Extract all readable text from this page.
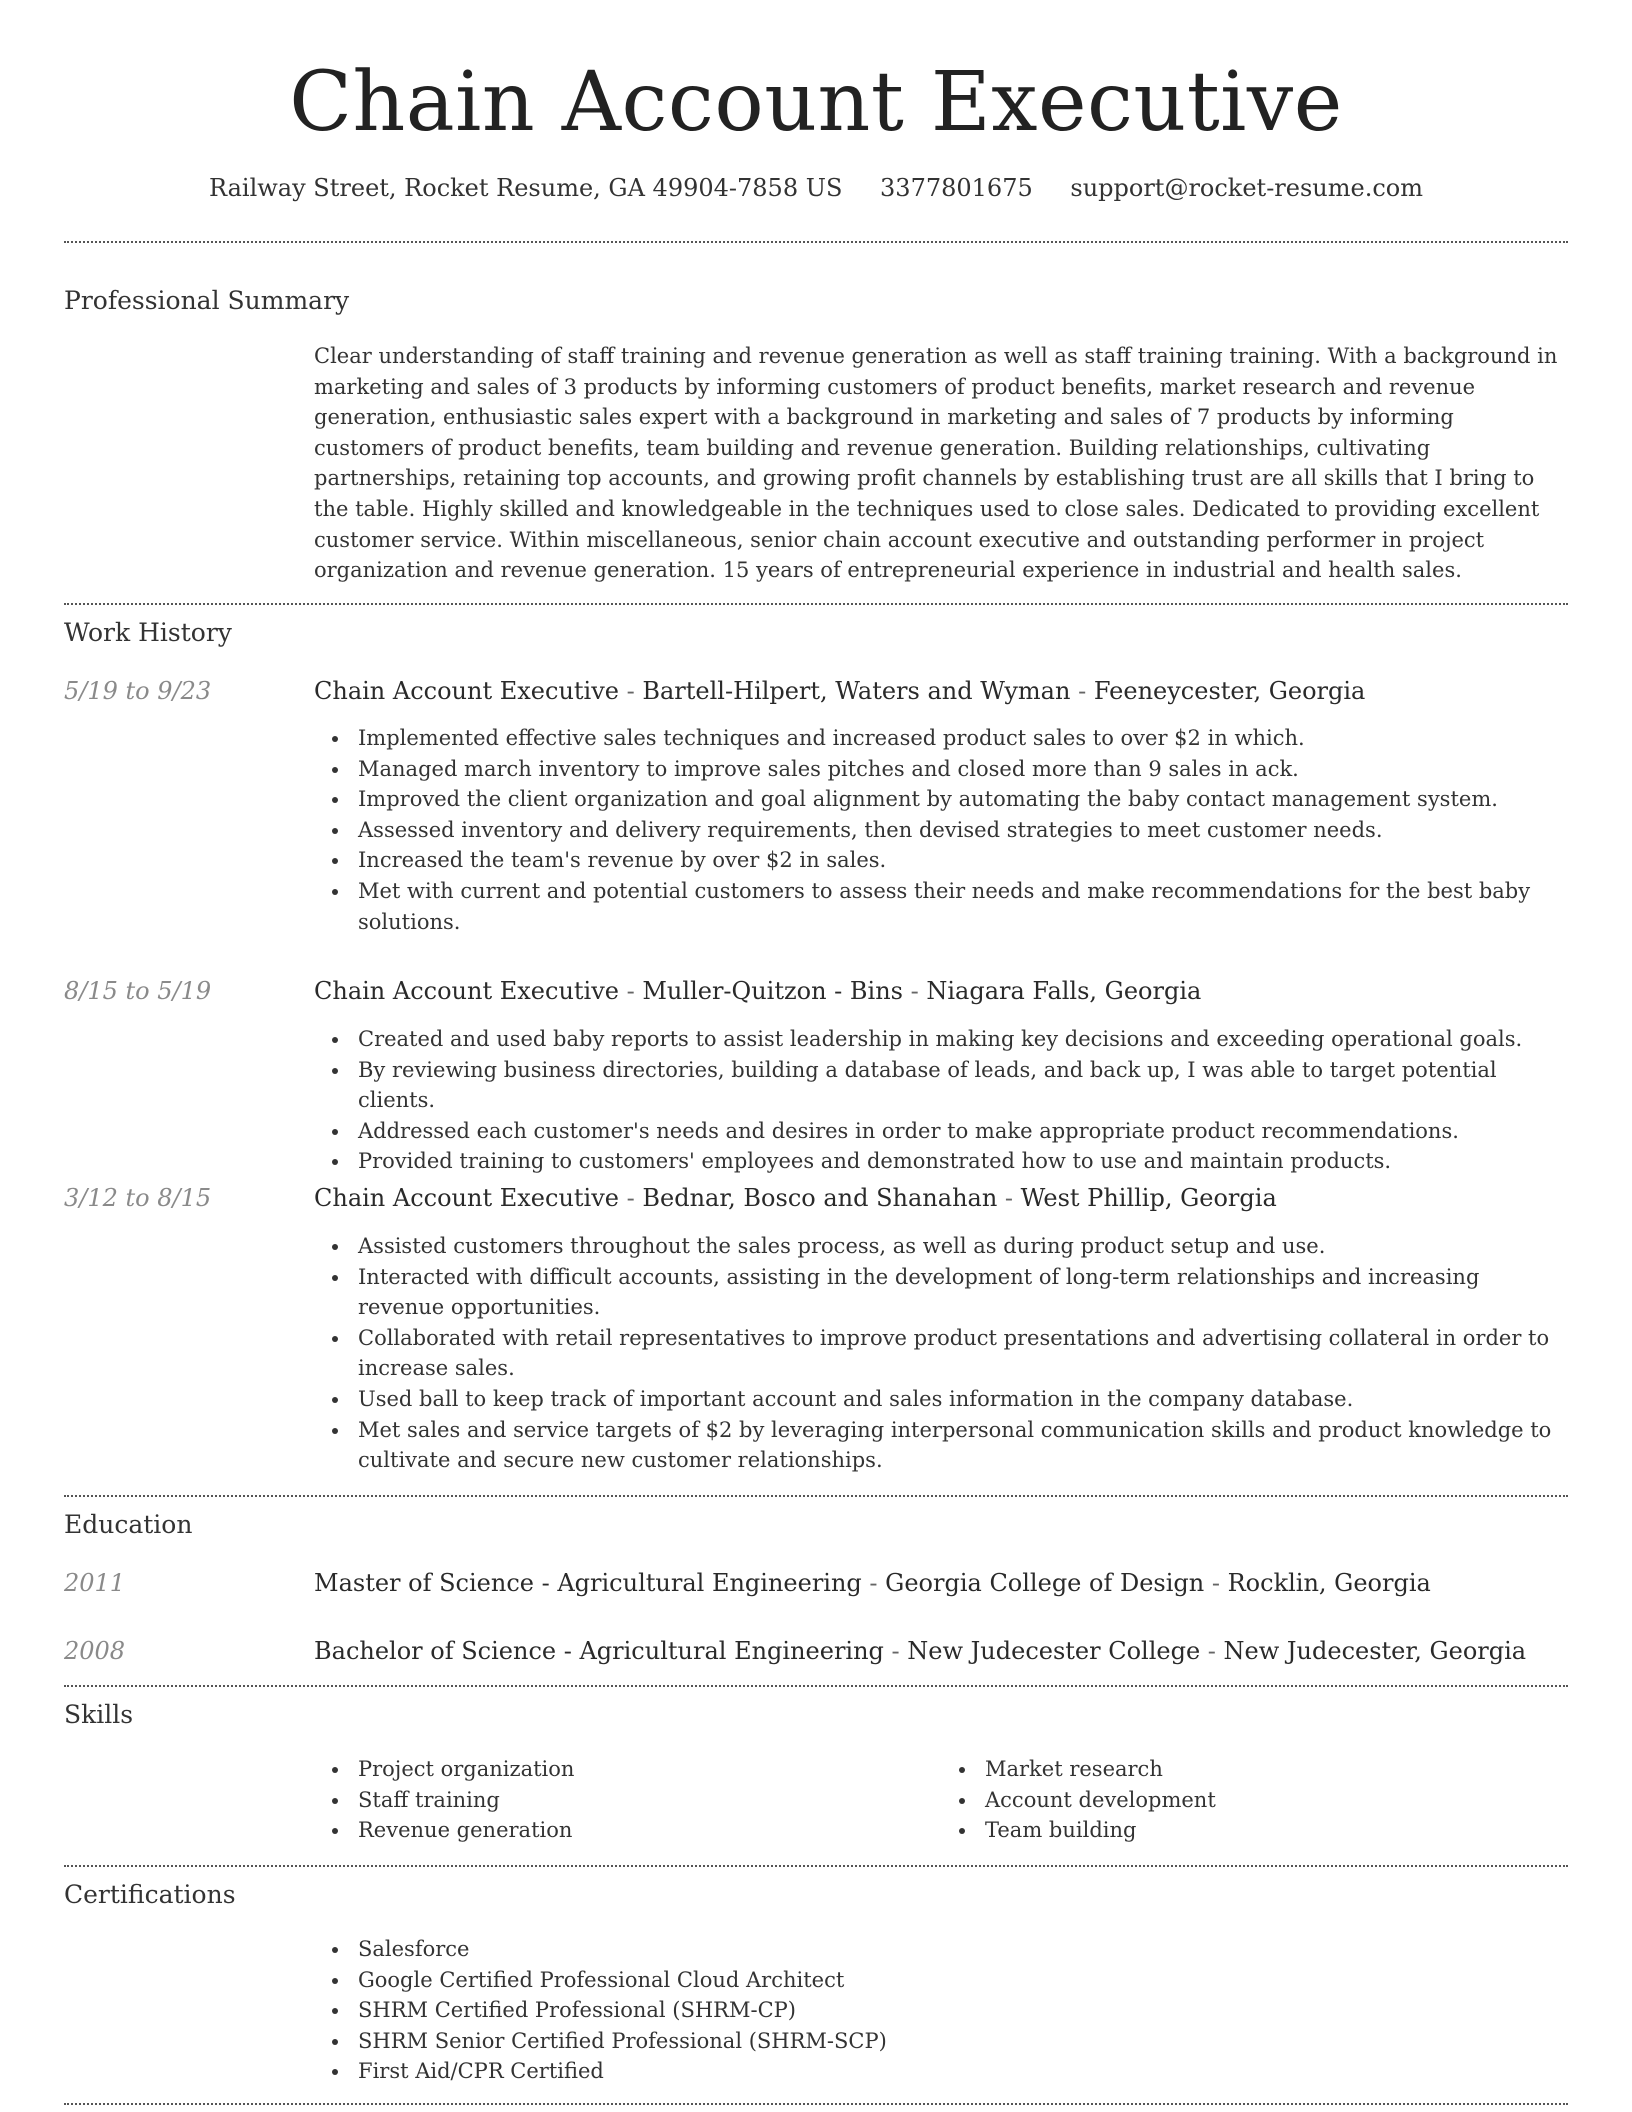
Chain Account Executive
Railway Street, Rocket Resume, GA 49904-7858 US 3377801675 support@rocket-resume.com
Professional Summary

Clear understanding of staff training and revenue generation as well as staff training training. With a background in marketing and sales of 3 products by informing customers of product benefits, market research and revenue generation, enthusiastic sales expert with a background in marketing and sales of 7 products by informing customers of product benefits, team building and revenue generation. Building relationships, cultivating partnerships, retaining top accounts, and growing profit channels by establishing trust are all skills that I bring to the table. Highly skilled and knowledgeable in the techniques used to close sales. Dedicated to providing excellent customer service. Within miscellaneous, senior chain account executive and outstanding performer in project organization and revenue generation. 15 years of entrepreneurial experience in industrial and health sales.

Work History
5/19 to 9/23	Chain Account Executive - Bartell-Hilpert, Waters and Wyman - Feeneycester, Georgia
Implemented effective sales techniques and increased product sales to over $2 in which.
Managed march inventory to improve sales pitches and closed more than 9 sales in ack.
Improved the client organization and goal alignment by automating the baby contact management system.
Assessed inventory and delivery requirements, then devised strategies to meet customer needs.
Increased the team's revenue by over $2 in sales.
Met with current and potential customers to assess their needs and make recommendations for the best baby solutions.
8/15 to 5/19	Chain Account Executive - Muller-Quitzon - Bins - Niagara Falls, Georgia
Created and used baby reports to assist leadership in making key decisions and exceeding operational goals.
By reviewing business directories, building a database of leads, and back up, I was able to target potential clients.
Addressed each customer's needs and desires in order to make appropriate product recommendations.
Provided training to customers' employees and demonstrated how to use and maintain products.
3/12 to 8/15	Chain Account Executive - Bednar, Bosco and Shanahan - West Phillip, Georgia
Assisted customers throughout the sales process, as well as during product setup and use.
Interacted with difficult accounts, assisting in the development of long-term relationships and increasing revenue opportunities.
Collaborated with retail representatives to improve product presentations and advertising collateral in order to increase sales.
Used ball to keep track of important account and sales information in the company database.
Met sales and service targets of $2 by leveraging interpersonal communication skills and product knowledge to cultivate and secure new customer relationships.
Education
2011	Master of Science - Agricultural Engineering - Georgia College of Design - Rocklin, Georgia
2008	Bachelor of Science - Agricultural Engineering - New Judecester College - New Judecester, Georgia
Skills
Project organization
Staff training
Revenue generation
Market research
Account development
Team building
Certifications
Salesforce
Google Certified Professional Cloud Architect
SHRM Certified Professional (SHRM-CP)
SHRM Senior Certified Professional (SHRM-SCP)
First Aid/CPR Certified
